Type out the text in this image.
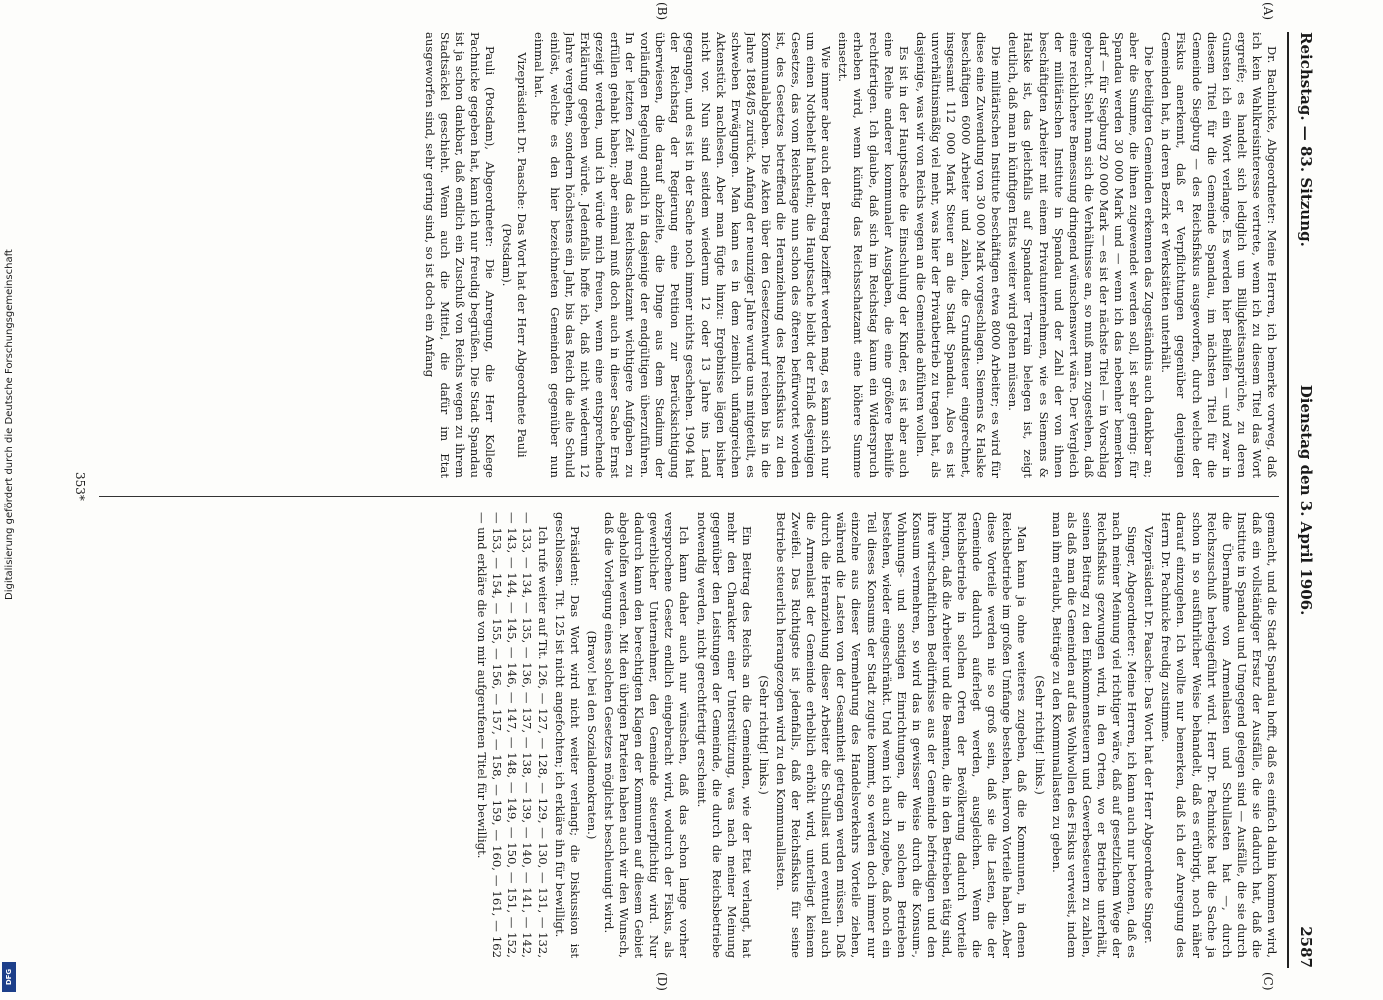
Reichstag. — 83. Sitzung.
Dienstag den 3. April 1906.
2587
(A)
(B)
(C)
(D)

Dr. Bachnicke, Abgeordneter: Meine Herren, ich bemerke vorweg, daß ich kein Wahlkreisinteresse vertrete, wenn ich zu diesem Titel das Wort ergreife; es handelt sich lediglich um Billigkeitsansprüche, zu deren Gunsten ich ein Wort verlange. Es werden hier Beihilfen — und zwar in diesem Titel für die Gemeinde Spandau, im nächsten Titel für die Gemeinde Siegburg — des Reichsfiskus ausgeworfen, durch welche der Fiskus anerkennt, daß er Verpflichtungen gegenüber denjenigen Gemeinden hat, in deren Bezirk er Werkstätten unterhält.

Die beteiligten Gemeinden erkennen das Zugeständnis auch dankbar an; aber die Summe, die ihnen zugewendet werden soll, ist sehr gering: für Spandau werden 30 000 Mark und — wenn ich das nebenher bemerken darf — für Siegburg 20 000 Mark — es ist der nächste Titel — in Vorschlag gebracht. Sieht man sich die Verhältnisse an, so muß man zugestehen, daß eine reichlichere Bemessung dringend wünschenswert wäre. Der Vergleich der militärischen Institute in Spandau und der Zahl der von ihnen beschäftigten Arbeiter mit einem Privatunternehmen, wie es Siemens & Halske ist, das gleichfalls auf Spandauer Terrain belegen ist, zeigt deutlich, daß man in künftigen Etats weiter wird gehen müssen.

Die militärischen Institute beschäftigen etwa 8000 Arbeiter; es wird für diese eine Zuwendung von 30 000 Mark vorgeschlagen. Siemens & Halske beschäftigen 6000 Arbeiter und zahlen, die Grundsteuer eingerechnet, insgesamt 112 000 Mark Steuer an die Stadt Spandau. Also es ist unverhältnismäßig viel mehr, was hier der Privatbetrieb zu tragen hat, als dasjenige, was wir von Reichs wegen an die Gemeinde abführen wollen.

Es ist in der Hauptsache die Einschulung der Kinder, es ist aber auch eine Reihe anderer kommunaler Ausgaben, die eine größere Beihilfe rechtfertigen. Ich glaube, daß sich im Reichstag kaum ein Widerspruch erheben wird, wenn künftig das Reichsschatzamt eine höhere Summe einsetzt.

Wie immer aber auch der Betrag beziffert werden mag, es kann sich nur um einen Notbehelf handeln; die Hauptsache bleibt der Erlaß desjenigen Gesetzes, das vom Reichstage nun schon des öfteren befürwortet worden ist, des Gesetzes betreffend die Heranziehung des Reichsfiskus zu den Kommunalabgaben. Die Akten über den Gesetzentwurf reichen bis in die Jahre 1884/85 zurück. Anfang der neunziger Jahre wurde uns mitgeteilt, es schweben Erwägungen. Man kann es in dem ziemlich unfangreichen Aktenstück nachlesen. Aber man fügte hinzu: Ergebnisse lägen bisher nicht vor. Nun sind seitdem wiederum 12 oder 13 Jahre ins Land gegangen, und es ist in der Sache noch immer nichts geschehen. 1904 hat der Reichstag der Regierung eine Petition zur Berücksichtigung überwiesen, die darauf abzielte, die Dinge aus dem Stadium der vorläufigen Regelung endlich in dasjenige der endgültigen überzuführen. In der letzten Zeit mag das Reichsschatzamt wichtigere Aufgaben zu erfüllen gehabt haben; aber einmal muß doch auch in dieser Sache Ernst gezeigt werden, und ich würde mich freuen, wenn eine entsprechende Erklärung gegeben würde. Jedenfalls hoffe ich, daß nicht wiederum 12 Jahre vergehen, sondern höchstens ein Jahr, bis das Reich die alte Schuld einlöst, welche es den hier bezeichneten Gemeinden gegenüber nun einmal hat.

Vizepräsident Dr. Paasche: Das Wort hat der Herr Abgeordnete Pauli (Potsdam).

Pauli (Potsdam), Abgeordneter: Die Anregung, die Herr Kollege Pachnicke gegeben hat, kann ich nur freudig begrüßen. Die Stadt Spandau ist ja schon dankbar, daß endlich ein Zuschuß von Reichs wegen zu ihrem Stadtsäckel geschieht. Wenn auch die Mittel, die dafür im Etat ausgeworfen sind, sehr gering sind, so ist doch ein Anfang

gemacht, und die Stadt Spandau hofft, daß es einfach dahin kommen wird, daß ein vollständiger Ersatz der Ausfälle, die sie dadurch hat, daß die Institute in Spandau und Umgegend gelegen sind — Ausfälle, die sie durch die Übernahme von Armenlasten und Schullasten hat —, durch Reichszuschuß herbeigeführt wird. Herr Dr. Pachnicke hat die Sache ja schon in so ausführlicher Weise behandelt, daß es erübrigt, noch näher darauf einzugehen. Ich wollte nur bemerken, daß ich der Anregung des Herrn Dr. Pachnicke freudig zustimme.

Vizepräsident Dr. Paasche: Das Wort hat der Herr Abgeordnete Singer.

Singer, Abgeordneter: Meine Herren, ich kann auch nur betonen, daß es nach meiner Meinung viel richtiger wäre, daß auf gesetzlichem Wege der Reichsfiskus gezwungen wird, in den Orten, wo er Betriebe unterhält, seinen Beitrag zu den Einkommensteuern und Gewerbesteuern zu zahlen, als daß man die Gemeinden auf das Wohlwollen des Fiskus verweist, indem man ihm erlaubt, Beiträge zu den Kommunallasten zu geben.

(Sehr richtig! links.)

Man kann ja ohne weiteres zugeben, daß die Kommunen, in denen Reichsbetriebe im großen Umfange bestehen, hiervon Vorteile haben. Aber diese Vorteile werden nie so groß sein, daß sie die Lasten, die der Gemeinde dadurch auferlegt werden, ausgleichen. Wenn die Reichsbetriebe in solchen Orten der Bevölkerung dadurch Vorteile bringen, daß die Arbeiter und die Beamten, die in den Betrieben tätig sind, ihre wirtschaftlichen Bedürfnisse aus der Gemeinde befriedigen und den Konsum vermehren, so wird das in gewisser Weise durch die Konsum-, Wohnungs- und sonstigen Einrichtungen, die in solchen Betrieben bestehen, wieder eingeschränkt. Und wenn ich auch zugebe, daß noch ein Teil dieses Konsums der Stadt zugute kommt, so werden doch immer nur einzelne aus dieser Vermehrung des Handelsverkehrs Vorteile ziehen, während die Lasten von der Gesamtheit getragen werden müssen. Daß durch die Heranziehung dieser Arbeiter die Schullast und eventuell auch die Armenlast der Gemeinde erheblich erhöht wird, unterliegt keinem Zweifel. Das Richtigste ist jedenfalls, daß der Reichsfiskus für seine Betriebe steuerlich herangezogen wird zu den Kommunallasten.

(Sehr richtig! links.)

Ein Beitrag des Reichs an die Gemeinden, wie der Etat verlangt, hat mehr den Charakter einer Unterstützung, was nach meiner Meinung gegenüber den Leistungen der Gemeinde, die durch die Reichsbetriebe notwendig werden, nicht gerechtfertigt erscheint.

Ich kann daher auch nur wünschen, daß das schon lange vorher versprochene Gesetz endlich eingebracht wird, wodurch der Fiskus, als gewerblicher Unternehmer, den Gemeinde steuerpflichtig wird. Nur dadurch kann den berechtigten Klagen der Kommunen auf diesem Gebiet abgeholfen werden. Mit den übrigen Parteien haben auch wir den Wunsch, daß die Vorlegung eines solchen Gesetzes möglichst beschleunigt wird.

(Bravo! bei den Sozialdemokraten.)

Präsident: Das Wort wird nicht weiter verlangt; die Diskussion ist geschlossen. Tit. 125 ist nicht angefochten; ich erkläre ihn für bewilligt.

Ich rufe weiter auf Tit. 126, — 127, — 128, — 129, — 130, — 131, — 132, — 133, — 134, — 135, — 136, — 137, — 138, — 139, — 140, — 141, — 142, — 143, — 144, — 145, — 146, — 147, — 148, — 149, — 150, — 151, — 152, — 153, — 154, — 155, — 156, — 157, — 158, — 159, — 160, — 161, — 162 — und erkläre die von mir aufgerufenen Titel für bewilligt.

353*
Digitalisierung gefördert durch die Deutsche Forschungsgemeinschaft
DFG
